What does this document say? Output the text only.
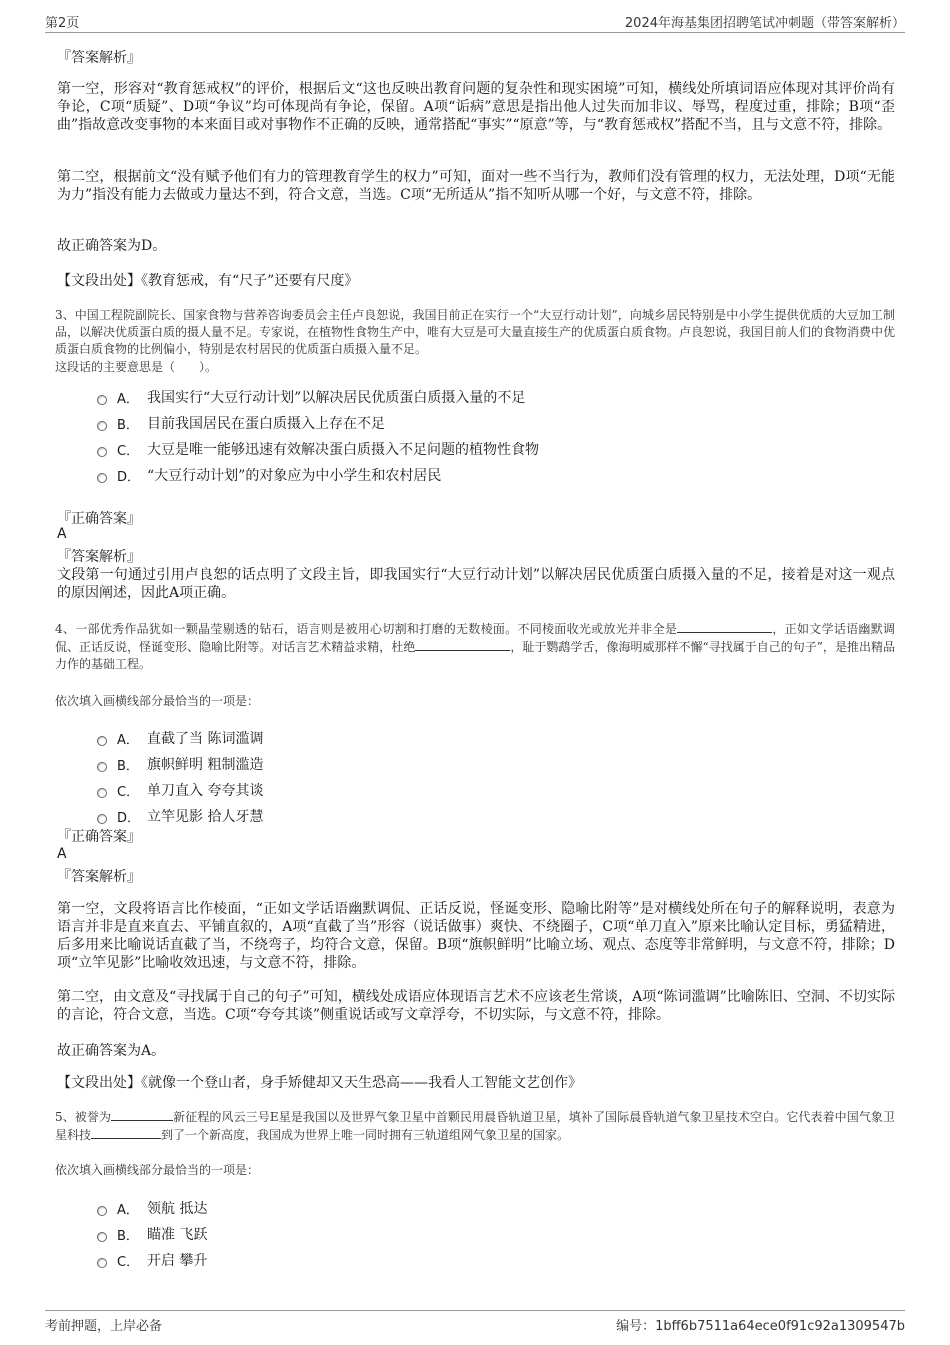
第2页	2024年海基集团招聘笔试冲刺题（带答案解析）
『答案解析』

第一空，形容对“教育惩戒权”的评价，根据后文“这也反映出教育问题的复杂性和现实困境”可知，横线处所填词语应体现对其评价尚有争论，C项“质疑”、D项“争议”均可体现尚有争论，保留。A项“诟病”意思是指出他人过失而加非议、辱骂，程度过重，排除；B项“歪曲”指故意改变事物的本来面目或对事物作不正确的反映，通常搭配“事实”“原意”等，与“教育惩戒权”搭配不当，且与文意不符，排除。

第二空，根据前文“没有赋予他们有力的管理教育学生的权力”可知，面对一些不当行为，教师们没有管理的权力，无法处理，D项“无能为力”指没有能力去做或力量达不到，符合文意，当选。C项“无所适从”指不知听从哪一个好，与文意不符，排除。

故正确答案为D。
【文段出处】《教育惩戒，有“尺子”还要有尺度》

3、中国工程院副院长、国家食物与营养咨询委员会主任卢良恕说，我国目前正在实行一个“大豆行动计划”，向城乡居民特别是中小学生提供优质的大豆加工制品，以解决优质蛋白质的摄人量不足。专家说，在植物性食物生产中，唯有大豆是可大量直接生产的优质蛋白质食物。卢良恕说，我国目前人们的食物消费中优质蛋白质食物的比例偏小，特别是农村居民的优质蛋白质摄入量不足。

这段话的主要意思是（　　）。
A． 我国实行“大豆行动计划”以解决居民优质蛋白质摄入量的不足
B． 目前我国居民在蛋白质摄入上存在不足
C． 大豆是唯一能够迅速有效解决蛋白质摄入不足问题的植物性食物
D． “大豆行动计划”的对象应为中小学生和农村居民
『正确答案』
A
『答案解析』

文段第一句通过引用卢良恕的话点明了文段主旨，即我国实行“大豆行动计划”以解决居民优质蛋白质摄入量的不足，接着是对这一观点的原因阐述，因此A项正确。

4、一部优秀作品犹如一颗晶莹剔透的钻石，语言则是被用心切割和打磨的无数棱面。不同棱面收光或放光并非全是	，正如文学话语幽默调侃、正话反说，怪诞变形、隐喻比附等。对话言艺术精益求精，杜绝	，耻于鹦鹉学舌，像海明威那样不懈“寻找属于自己的句子”，是推出精品力作的基础工程。

依次填入画横线部分最恰当的一项是：
A． 直截了当 陈词滥调
B． 旗帜鲜明 粗制滥造
C． 单刀直入 夸夸其谈
D． 立竿见影 拾人牙慧
『正确答案』
A
『答案解析』

第一空，文段将语言比作棱面，“正如文学话语幽默调侃、正话反说，怪诞变形、隐喻比附等”是对横线处所在句子的解释说明，表意为语言并非是直来直去、平铺直叙的，A项“直截了当”形容（说话做事）爽快、不绕圈子，C项“单刀直入”原来比喻认定目标，勇猛精进，后多用来比喻说话直截了当，不绕弯子，均符合文意，保留。B项“旗帜鲜明”比喻立场、观点、态度等非常鲜明，与文意不符，排除；D项“立竿见影”比喻收效迅速，与文意不符，排除。

第二空，由文意及“寻找属于自己的句子”可知，横线处成语应体现语言艺术不应该老生常谈，A项“陈词滥调”比喻陈旧、空洞、不切实际的言论，符合文意，当选。C项“夸夸其谈”侧重说话或写文章浮夸，不切实际，与文意不符，排除。

故正确答案为A。
【文段出处】《就像一个登山者，身手矫健却又天生恐高——我看人工智能文艺创作》

5、被誉为	新征程的风云三号E星是我国以及世界气象卫星中首颗民用晨昏轨道卫星，填补了国际晨昏轨道气象卫星技术空白。它代表着中国气象卫星科技	到了一个新高度，我国成为世界上唯一同时拥有三轨道组网气象卫星的国家。

依次填入画横线部分最恰当的一项是：
A． 领航 抵达
B． 瞄准 飞跃
C． 开启 攀升
考前押题，上岸必备	编号：1bff6b7511a64ece0f91c92a1309547b
